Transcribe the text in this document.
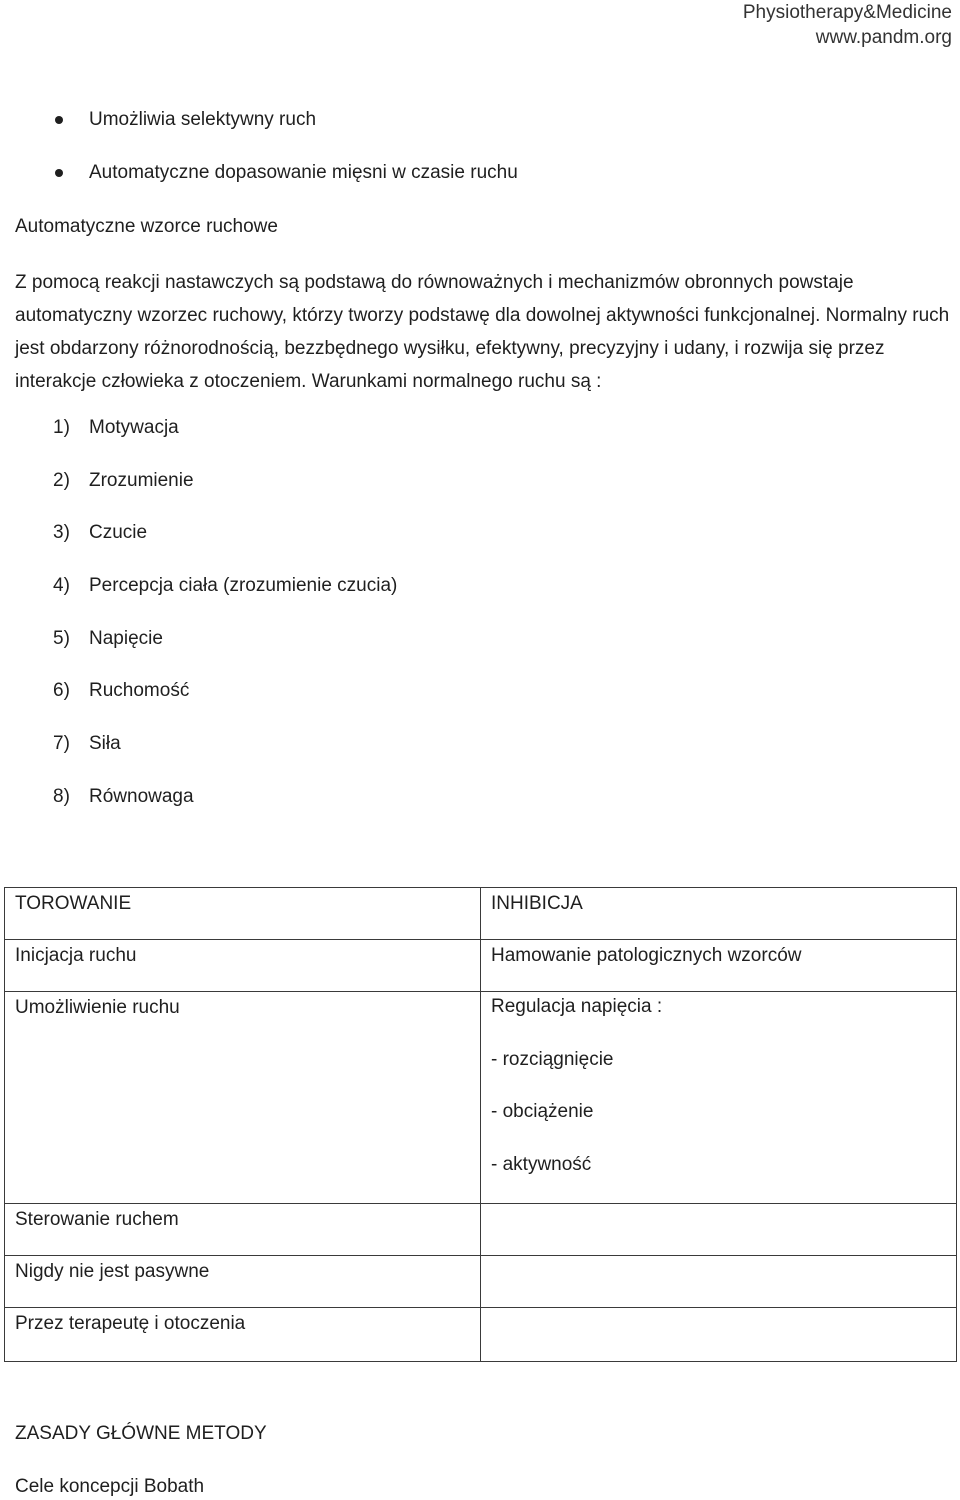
Physiotherapy&Medicine
www.pandm.org
Umożliwia selektywny ruch
Automatyczne dopasowanie mięsni w czasie ruchu
Automatyczne wzorce ruchowe

Z pomocą reakcji nastawczych są podstawą do równoważnych i mechanizmów obronnych powstaje automatyczny wzorzec ruchowy, którzy tworzy podstawę dla dowolnej aktywności funkcjonalnej. Normalny ruch jest obdarzony różnorodnością, bezzbędnego wysiłku, efektywny, precyzyjny i udany, i rozwija się przez interakcje człowieka z otoczeniem. Warunkami normalnego ruchu są :

1) Motywacja
2) Zrozumienie
3) Czucie
4) Percepcja ciała (zrozumienie czucia)
5) Napięcie
6) Ruchomość
7) Siła
8) Równowaga
TOROWANIE	INHIBICJA
Inicjacja ruchu	Hamowanie patologicznych wzorców
Umożliwienie ruchu	Regulacja napięcia :
- rozciągnięcie
- obciążenie
- aktywność

Sterowanie ruchem	
Nigdy nie jest pasywne	
Przez terapeutę i otoczenia	
ZASADY GŁÓWNE METODY
Cele koncepcji Bobath
